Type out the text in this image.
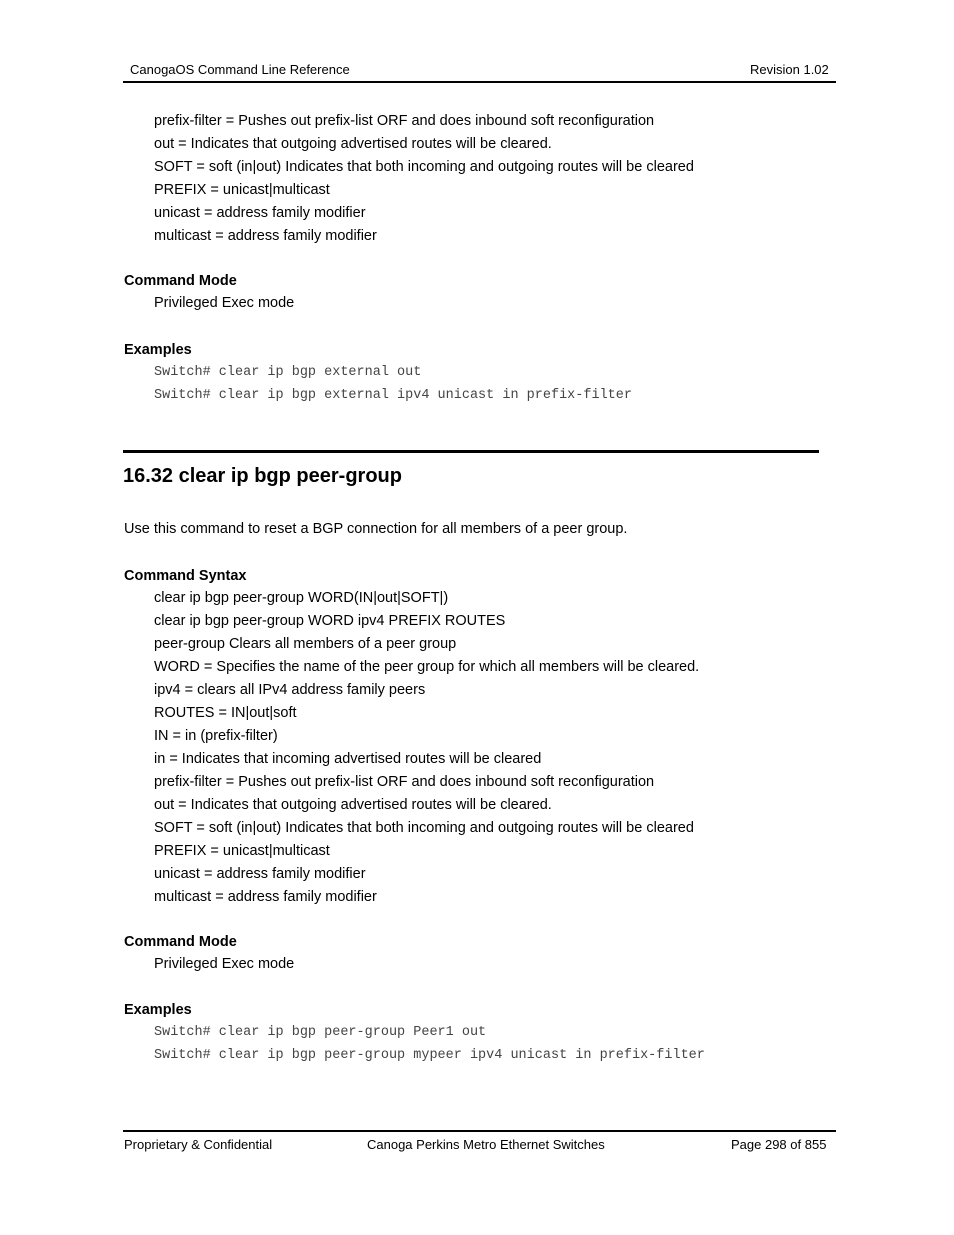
CanogaOS Command Line Reference	Revision 1.02
prefix-filter = Pushes out prefix-list ORF and does inbound soft reconfiguration
out = Indicates that outgoing advertised routes will be cleared.
SOFT = soft (in|out) Indicates that both incoming and outgoing routes will be cleared
PREFIX = unicast|multicast
unicast = address family modifier
multicast = address family modifier
Command Mode
Privileged Exec mode
Examples
Switch# clear ip bgp external out
Switch# clear ip bgp external ipv4 unicast in prefix-filter
16.32 clear ip bgp peer-group
Use this command to reset a BGP connection for all members of a peer group.
Command Syntax
clear ip bgp peer-group WORD(IN|out|SOFT|)
clear ip bgp peer-group WORD ipv4 PREFIX ROUTES
peer-group Clears all members of a peer group
WORD = Specifies the name of the peer group for which all members will be cleared.
ipv4 = clears all IPv4 address family peers
ROUTES = IN|out|soft
IN = in (prefix-filter)
in = Indicates that incoming advertised routes will be cleared
prefix-filter = Pushes out prefix-list ORF and does inbound soft reconfiguration
out = Indicates that outgoing advertised routes will be cleared.
SOFT = soft (in|out) Indicates that both incoming and outgoing routes will be cleared
PREFIX = unicast|multicast
unicast = address family modifier
multicast = address family modifier
Command Mode
Privileged Exec mode
Examples
Switch# clear ip bgp peer-group Peer1 out
Switch# clear ip bgp peer-group mypeer ipv4 unicast in prefix-filter
Proprietary & Confidential	Canoga Perkins Metro Ethernet Switches	Page 298 of 855
